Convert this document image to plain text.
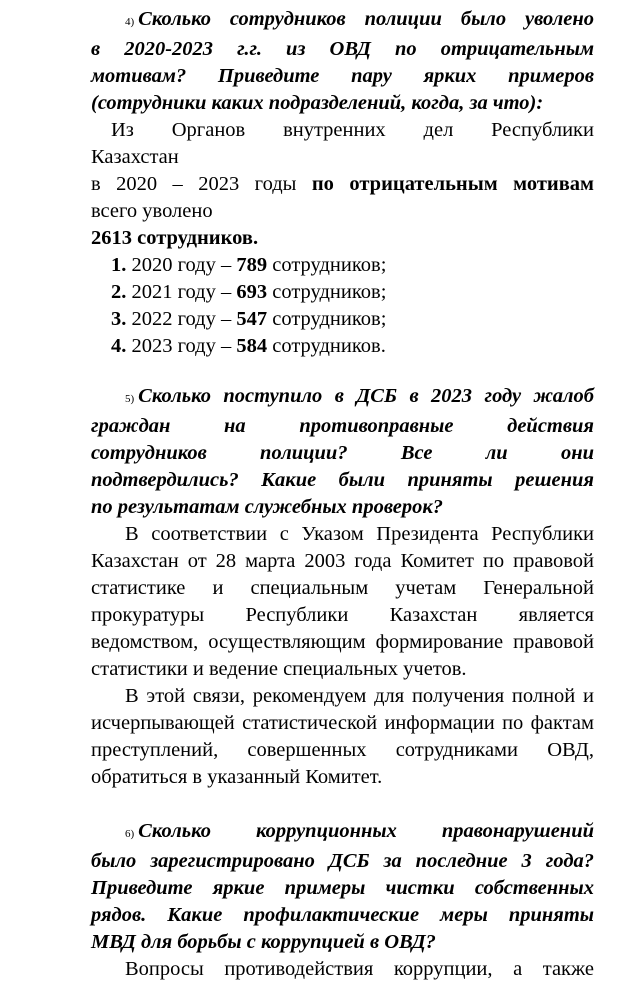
4) Сколько сотрудников полиции было уволено

в 2020-2023 г.г. из ОВД по отрицательным

мотивам? Приведите пару ярких примеров

(сотрудники каких подразделений, когда, за что):

Из Органов внутренних дел Республики

Казахстан

в 2020 – 2023 годы по отрицательным мотивам

всего уволено

2613 сотрудников.

1. 2020 году – 789 сотрудников;
2. 2021 году – 693 сотрудников;
3. 2022 году – 547 сотрудников;
4. 2023 году – 584 сотрудников.

5) Сколько поступило в ДСБ в 2023 году жалоб

граждан на противоправные действия

сотрудников полиции? Все ли они

подтвердились? Какие были приняты решения

по результатам служебных проверок?

В соответствии с Указом Президента Республики Казахстан от 28 марта 2003 года Комитет по правовой статистике и специальным учетам Генеральной прокуратуры Республики Казахстан является ведомством, осуществляющим формирование правовой статистики и ведение специальных учетов.

В этой связи, рекомендуем для получения полной и исчерпывающей статистической информации по фактам преступлений, совершенных сотрудниками ОВД, обратиться в указанный Комитет.

6) Сколько коррупционных правонарушений

было зарегистрировано ДСБ за последние 3 года?

Приведите яркие примеры чистки собственных

рядов. Какие профилактические меры приняты

МВД для борьбы с коррупцией в ОВД?

Вопросы противодействия коррупции, а также
